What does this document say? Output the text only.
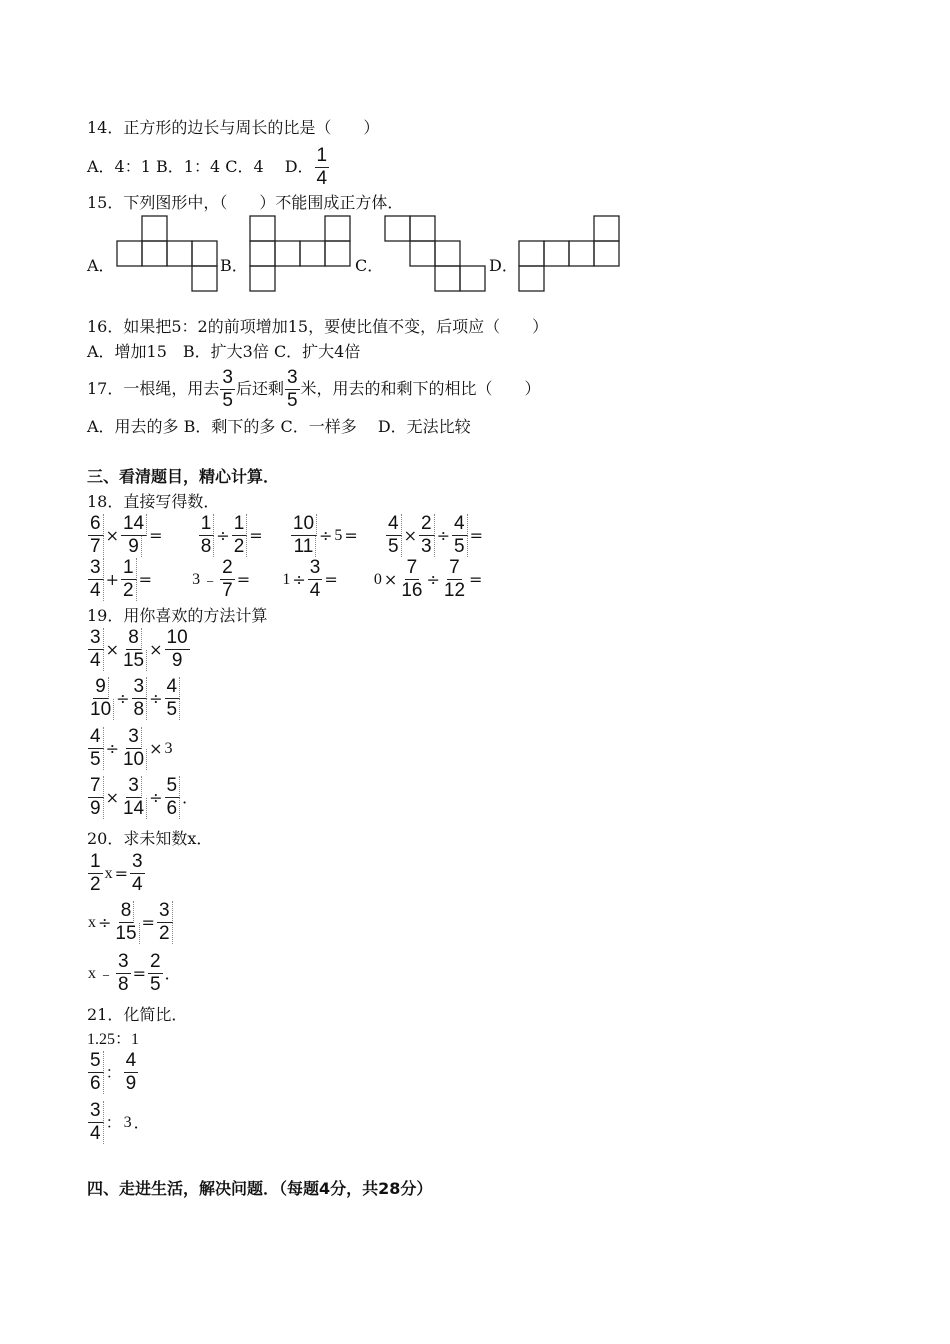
14．正方形的边长与周长的比是（　　）
A．4：1 B．1：4 C．4　 D． $\frac{1}{4}$
15．下列图形中，（　　）不能围成正方体．
A．	B．	C．	D．
16．如果把5：2的前项增加15，要使比值不变，后项应（　　）
A．增加15　B．扩大3倍 C．扩大4倍
17．一根绳，用去 $\frac{3}{5}$ 后还剩 $\frac{3}{5}$ 米，用去的和剩下的相比（　　）
A．用去的多 B．剩下的多 C．一样多　 D．无法比较
三、看清题目，精心计算．
18．直接写得数．
$\frac{6}{7} \times \frac{14}{9} = \frac{1}{8} \div \frac{1}{2} = \frac{10}{11} \div 5 = \frac{4}{5} \times \frac{2}{3} \div \frac{4}{5}$ =
$\frac{3}{4} + \frac{1}{2}$ =	3 ﹣ $\frac{2}{7} = 1 \div \frac{3}{4} = 0 \times \frac{7}{16} \div \frac{7}{12}$ =
19．用你喜欢的方法计算
$\frac{3}{4} \times \frac{8}{15} \times \frac{10}{9}$
$\frac{9}{10} \div \frac{3}{8} \div \frac{4}{5}$
$\frac{4}{5} \div \frac{3}{10} \times 3$
$\frac{7}{9} \times \frac{3}{14} \div \frac{5}{6}$ ．
20．求未知数x．
$\frac{1}{2}$ $x = \frac{3}{4}$
$x \div \frac{8}{15} = \frac{3}{2}$
x ﹣ $\frac{3}{8} = \frac{2}{5}$ ．
21．化简比．
1.25：1
$\frac{5}{6}$ ： $\frac{4}{9}$
$\frac{3}{4}$ ： 3 ．
四、走进生活，解决问题．（每题4分，共28分）
